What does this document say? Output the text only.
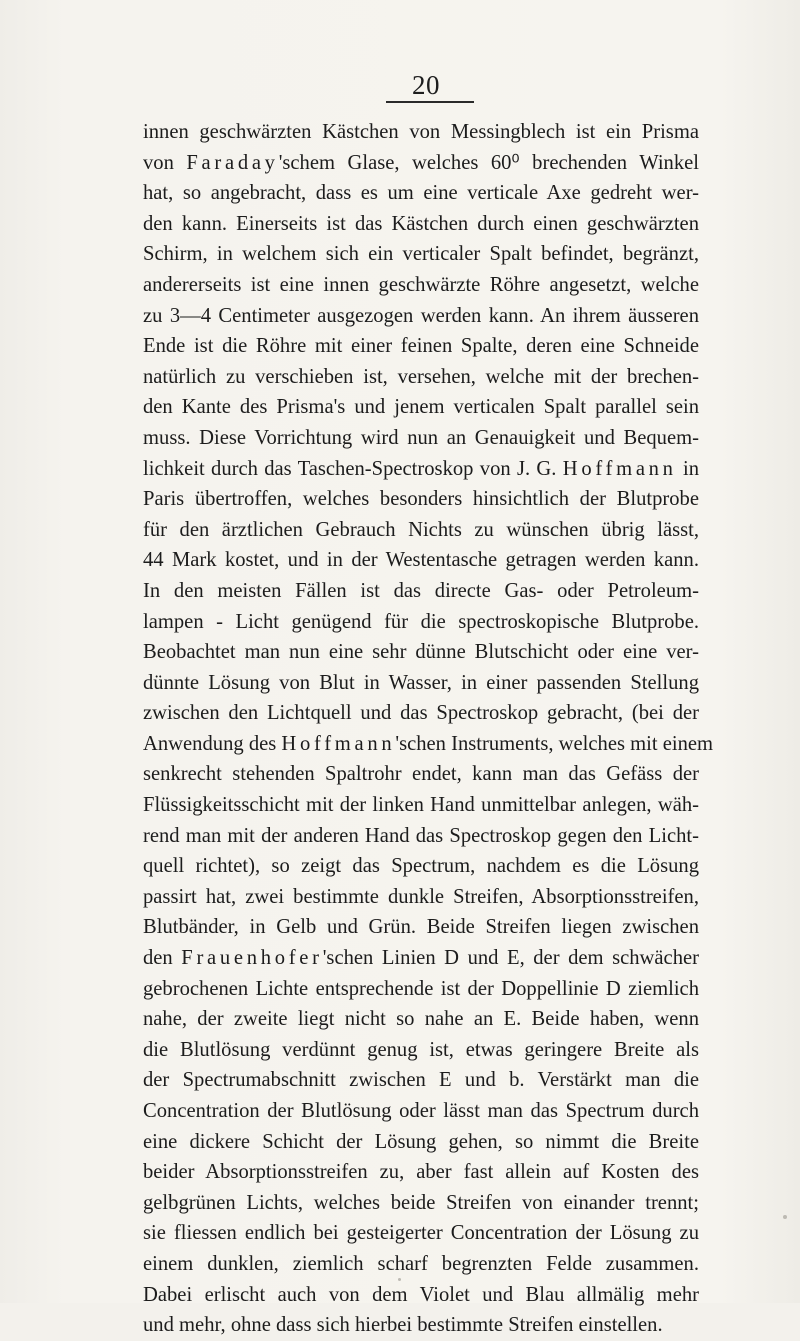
20
innen geschwärzten Kästchen von Messingblech ist ein Prisma
von Faraday'schem Glase, welches 60⁰ brechenden Winkel
hat, so angebracht, dass es um eine verticale Axe gedreht wer-
den kann. Einerseits ist das Kästchen durch einen geschwärzten
Schirm, in welchem sich ein verticaler Spalt befindet, begränzt,
andererseits ist eine innen geschwärzte Röhre angesetzt, welche
zu 3—4 Centimeter ausgezogen werden kann. An ihrem äusseren
Ende ist die Röhre mit einer feinen Spalte, deren eine Schneide
natürlich zu verschieben ist, versehen, welche mit der brechen-
den Kante des Prisma's und jenem verticalen Spalt parallel sein
muss. Diese Vorrichtung wird nun an Genauigkeit und Bequem-
lichkeit durch das Taschen-Spectroskop von J. G. Hoffmann in
Paris übertroffen, welches besonders hinsichtlich der Blutprobe
für den ärztlichen Gebrauch Nichts zu wünschen übrig lässt,
44 Mark kostet, und in der Westentasche getragen werden kann.
In den meisten Fällen ist das directe Gas- oder Petroleum-
lampen - Licht genügend für die spectroskopische Blutprobe.
Beobachtet man nun eine sehr dünne Blutschicht oder eine ver-
dünnte Lösung von Blut in Wasser, in einer passenden Stellung
zwischen den Lichtquell und das Spectroskop gebracht, (bei der
Anwendung des Hoffmann'schen Instruments, welches mit einem
senkrecht stehenden Spaltrohr endet, kann man das Gefäss der
Flüssigkeitsschicht mit der linken Hand unmittelbar anlegen, wäh-
rend man mit der anderen Hand das Spectroskop gegen den Licht-
quell richtet), so zeigt das Spectrum, nachdem es die Lösung
passirt hat, zwei bestimmte dunkle Streifen, Absorptionsstreifen,
Blutbänder, in Gelb und Grün. Beide Streifen liegen zwischen
den Frauenhofer'schen Linien D und E, der dem schwächer
gebrochenen Lichte entsprechende ist der Doppellinie D ziemlich
nahe, der zweite liegt nicht so nahe an E. Beide haben, wenn
die Blutlösung verdünnt genug ist, etwas geringere Breite als
der Spectrumabschnitt zwischen E und b. Verstärkt man die
Concentration der Blutlösung oder lässt man das Spectrum durch
eine dickere Schicht der Lösung gehen, so nimmt die Breite
beider Absorptionsstreifen zu, aber fast allein auf Kosten des
gelbgrünen Lichts, welches beide Streifen von einander trennt;
sie fliessen endlich bei gesteigerter Concentration der Lösung zu
einem dunklen, ziemlich scharf begrenzten Felde zusammen.
Dabei erlischt auch von dem Violet und Blau allmälig mehr
und mehr, ohne dass sich hierbei bestimmte Streifen einstellen.
